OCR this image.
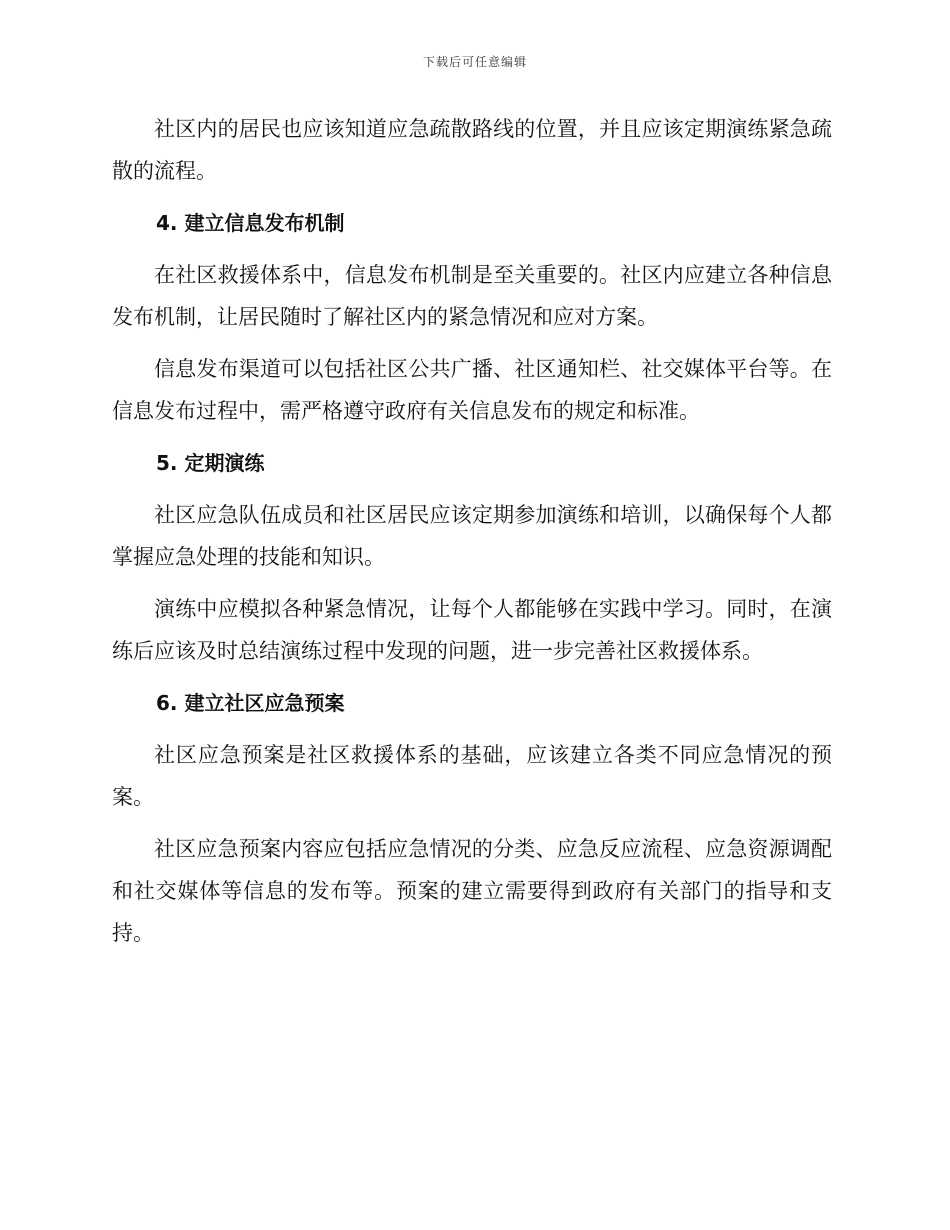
下载后可任意编辑

社区内的居民也应该知道应急疏散路线的位置，并且应该定期演练紧急疏散的流程。

4. 建立信息发布机制

在社区救援体系中，信息发布机制是至关重要的。社区内应建立各种信息发布机制，让居民随时了解社区内的紧急情况和应对方案。

信息发布渠道可以包括社区公共广播、社区通知栏、社交媒体平台等。在信息发布过程中，需严格遵守政府有关信息发布的规定和标准。

5. 定期演练

社区应急队伍成员和社区居民应该定期参加演练和培训，以确保每个人都掌握应急处理的技能和知识。

演练中应模拟各种紧急情况，让每个人都能够在实践中学习。同时，在演练后应该及时总结演练过程中发现的问题，进一步完善社区救援体系。

6. 建立社区应急预案

社区应急预案是社区救援体系的基础，应该建立各类不同应急情况的预案。

社区应急预案内容应包括应急情况的分类、应急反应流程、应急资源调配和社交媒体等信息的发布等。预案的建立需要得到政府有关部门的指导和支持。
